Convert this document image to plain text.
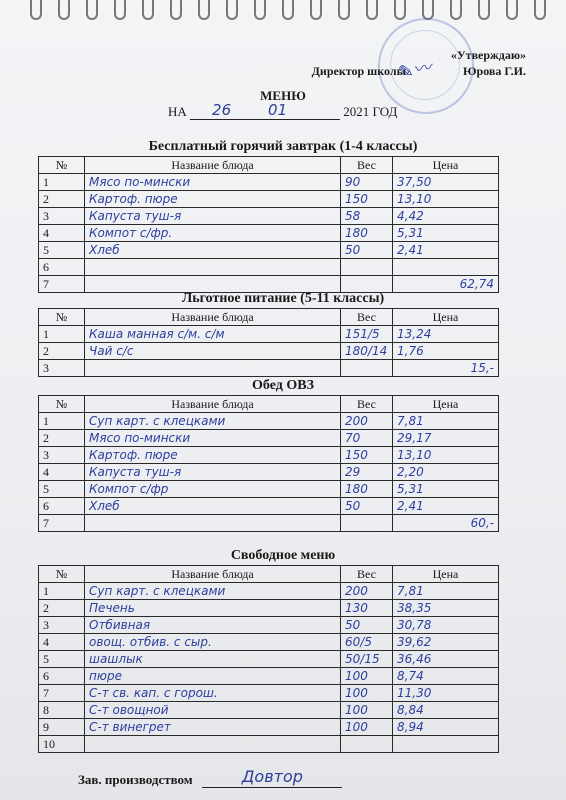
✎〰
«Утверждаю»
Юрова Г.И.
Директор школы
МЕНЮ
НА 26 01	2021 ГОД
Бесплатный горячий завтрак (1-4 классы)
№	Название блюда	Вес	Цена
1	Мясо по-мински	90	37,50
2	Картоф. пюре	150	13,10
3	Капуста туш-я	58	4,42
4	Компот с/фр.	180	5,31
5	Хлеб	50	2,41
6			
7			62,74
Льготное питание (5-11 классы)
№	Название блюда	Вес	Цена
1	Каша манная с/м. с/м	151/5	13,24
2	Чай с/с	180/14	1,76
3			15,-
Обед ОВЗ
№	Название блюда	Вес	Цена
1	Суп карт. с клецками	200	7,81
2	Мясо по-мински	70	29,17
3	Картоф. пюре	150	13,10
4	Капуста туш-я	29	2,20
5	Компот с/фр	180	5,31
6	Хлеб	50	2,41
7			60,-
Свободное меню
№	Название блюда	Вес	Цена
1	Суп карт. с клецками	200	7,81
2	Печень	130	38,35
3	Отбивная	50	30,78
4	овощ. отбив. с сыр.	60/5	39,62
5	шашлык	50/15	36,46
6	пюре	100	8,74
7	С-т св. кап. с горош.	100	11,30
8	С-т овощной	100	8,84
9	С-т винегрет	100	8,94
10			
Зав. производством	Довтор
